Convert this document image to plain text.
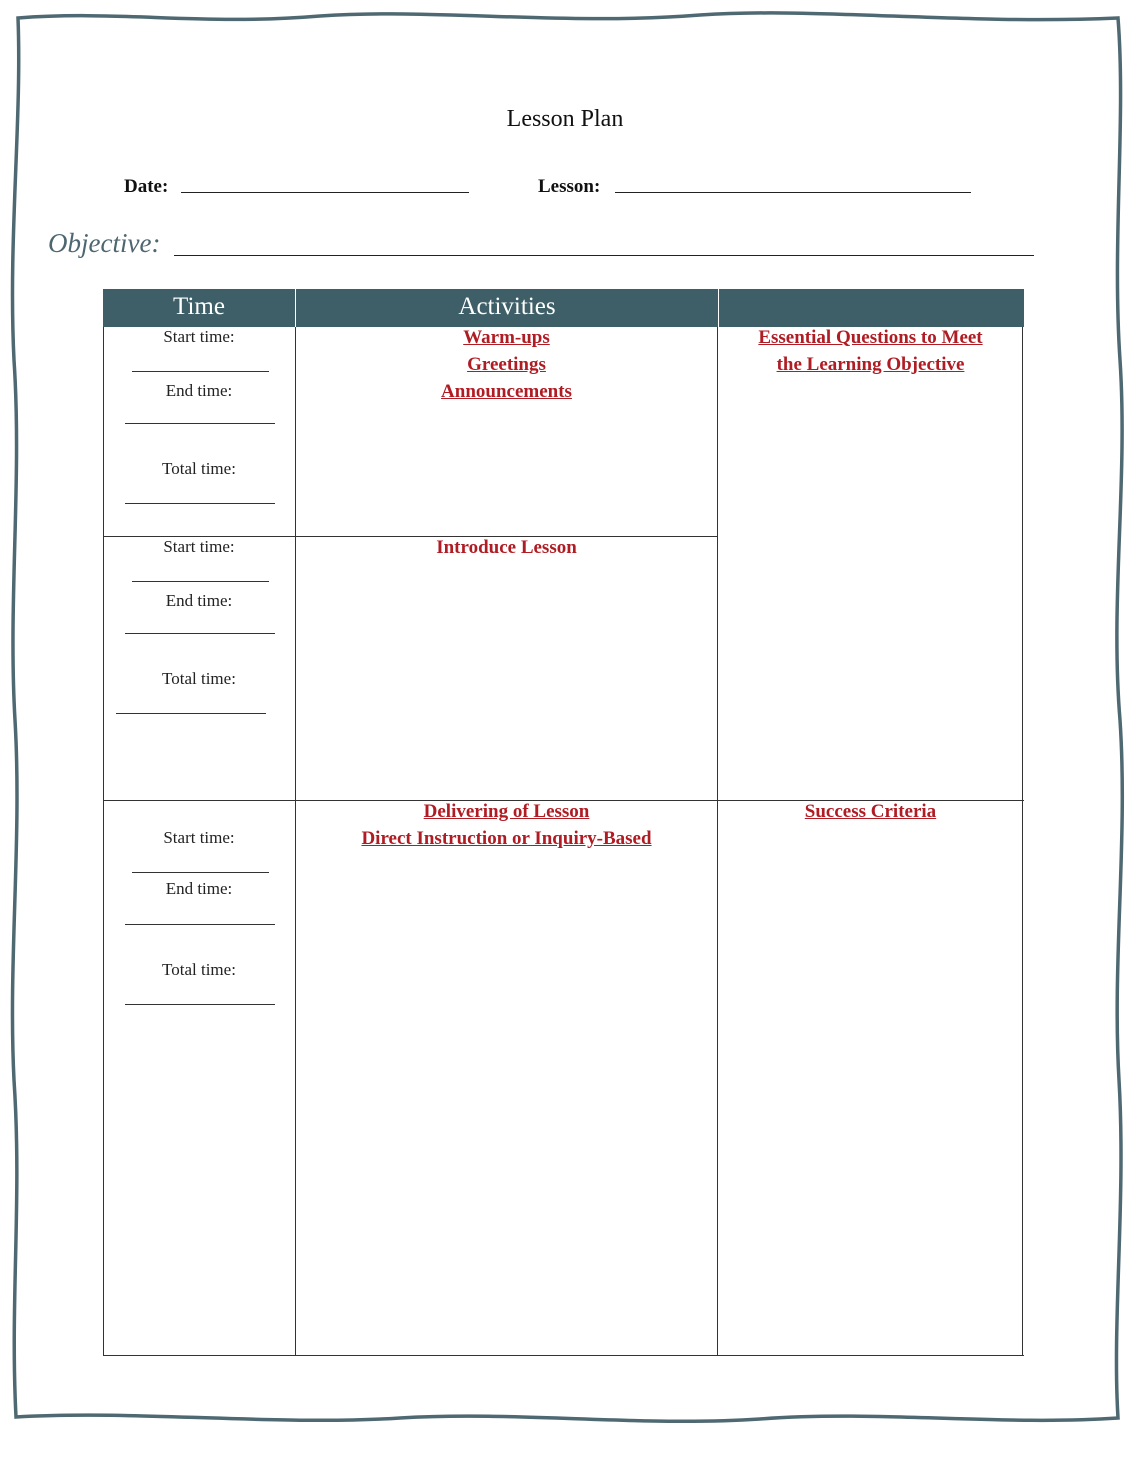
Lesson Plan
Date:	Lesson:
Objective:
Time	Activities
Start time:
End time:
Total time:
Start time:
End time:
Total time:
Start time:
End time:
Total time:
Warm-ups
Greetings
Announcements
Introduce Lesson
Delivering of Lesson
Direct Instruction or Inquiry-Based
Essential Questions to Meet
the Learning Objective
Success Criteria
